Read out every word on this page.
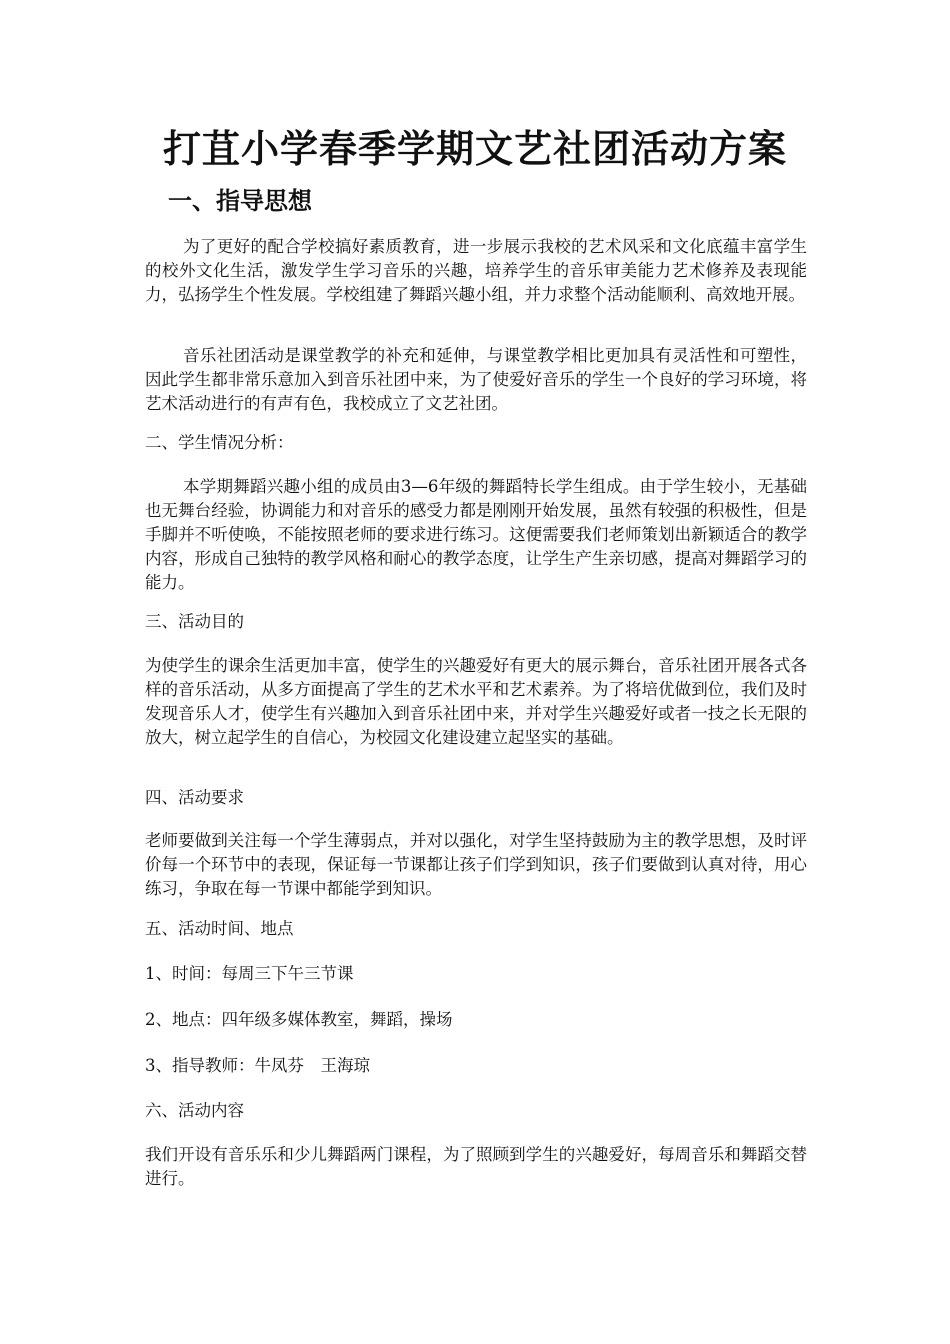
打苴小学春季学期文艺社团活动方案
一、指导思想

为了更好的配合学校搞好素质教育，进一步展示我校的艺术风采和文化底蕴丰富学生的校外文化生活，激发学生学习音乐的兴趣，培养学生的音乐审美能力艺术修养及表现能力，弘扬学生个性发展。学校组建了舞蹈兴趣小组，并力求整个活动能顺利、高效地开展。

音乐社团活动是课堂教学的补充和延伸，与课堂教学相比更加具有灵活性和可塑性，因此学生都非常乐意加入到音乐社团中来，为了使爱好音乐的学生一个良好的学习环境，将艺术活动进行的有声有色，我校成立了文艺社团。

二、学生情况分析：

本学期舞蹈兴趣小组的成员由3—6年级的舞蹈特长学生组成。由于学生较小，无基础也无舞台经验，协调能力和对音乐的感受力都是刚刚开始发展，虽然有较强的积极性，但是手脚并不听使唤，不能按照老师的要求进行练习。这便需要我们老师策划出新颖适合的教学内容，形成自己独特的教学风格和耐心的教学态度，让学生产生亲切感，提高对舞蹈学习的能力。

三、活动目的

为使学生的课余生活更加丰富，使学生的兴趣爱好有更大的展示舞台，音乐社团开展各式各样的音乐活动，从多方面提高了学生的艺术水平和艺术素养。为了将培优做到位，我们及时发现音乐人才，使学生有兴趣加入到音乐社团中来，并对学生兴趣爱好或者一技之长无限的放大，树立起学生的自信心，为校园文化建设建立起坚实的基础。

四、活动要求

老师要做到关注每一个学生薄弱点，并对以强化，对学生坚持鼓励为主的教学思想，及时评价每一个环节中的表现，保证每一节课都让孩子们学到知识，孩子们要做到认真对待，用心练习，争取在每一节课中都能学到知识。

五、活动时间、地点

1、时间：每周三下午三节课

2、地点：四年级多媒体教室，舞蹈，操场

3、指导教师：牛凤芬　王海琼

六、活动内容

我们开设有音乐乐和少儿舞蹈两门课程，为了照顾到学生的兴趣爱好，每周音乐和舞蹈交替进行。
